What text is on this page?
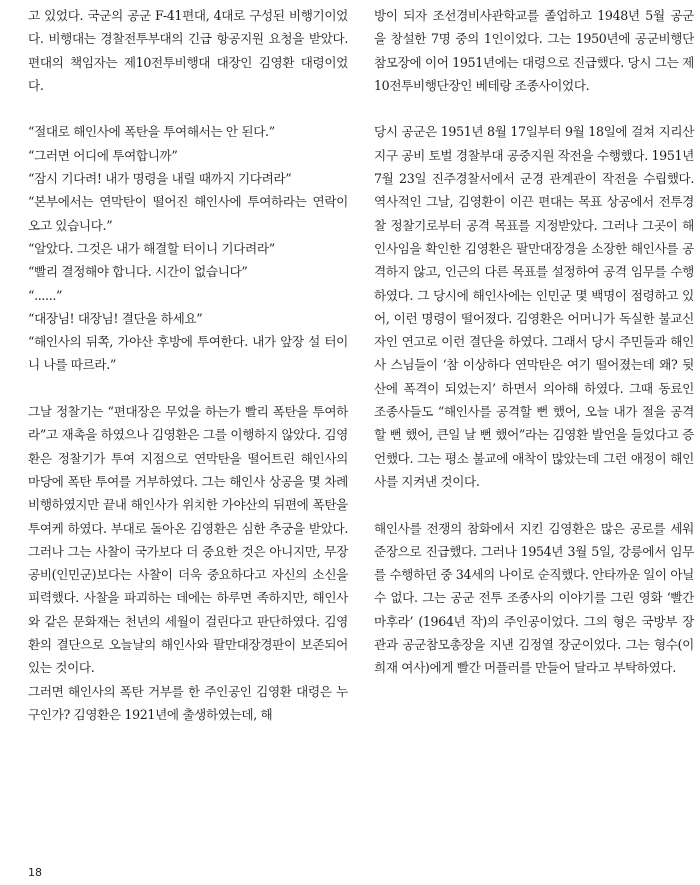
고 있었다. 국군의 공군 F-41편대, 4대로 구성된 비행기이었다. 비행대는 경찰전투부대의 긴급 항공지원 요청을 받았다. 편대의 책임자는 제10전투비행대 대장인 김영환 대령이었다.

“절대로 해인사에 폭탄을 투여해서는 안 된다.”

“그러면 어디에 투여합니까”

“잠시 기다려! 내가 명령을 내릴 때까지 기다려라”

“본부에서는 연막탄이 떨어진 해인사에 투여하라는 연락이 오고 있습니다.”

“알았다. 그것은 내가 해결할 터이니 기다려라”

“빨리 결정해야 합니다. 시간이 없습니다”

“......”

“대장님! 대장님! 결단을 하세요”

“해인사의 뒤쪽, 가야산 후방에 투여한다. 내가 앞장 설 터이니 나를 따르라.”

그날 정찰기는 “편대장은 무었을 하는가 빨리 폭탄을 투여하라”고 재촉을 하였으나 김영환은 그를 이행하지 않았다. 김영환은 정찰기가 투여 지점으로 연막탄을 떨어트린 해인사의 마당에 폭탄 투여를 거부하였다. 그는 해인사 상공을 몇 차례 비행하였지만 끝내 해인사가 위치한 가야산의 뒤편에 폭탄을 투여케 하였다. 부대로 돌아온 김영환은 심한 추궁을 받았다. 그러나 그는 사찰이 국가보다 더 중요한 것은 아니지만, 무장 공비(인민군)보다는 사찰이 더욱 중요하다고 자신의 소신을 피력했다. 사찰을 파괴하는 데에는 하루면 족하지만, 해인사와 같은 문화재는 천년의 세월이 걸린다고 판단하였다. 김영환의 결단으로 오늘날의 해인사와 팔만대장경판이 보존되어 있는 것이다.

그러면 해인사의 폭탄 거부를 한 주인공인 김영환 대령은 누구인가? 김영환은 1921년에 출생하였는데, 해

방이 되자 조선경비사관학교를 졸업하고 1948년 5월 공군을 창설한 7명 중의 1인이었다. 그는 1950년에 공군비행단 참모장에 이어 1951년에는 대령으로 진급했다. 당시 그는 제10전투비행단장인 베테랑 조종사이었다.

당시 공군은 1951년 8월 17일부터 9월 18일에 걸쳐 지리산 지구 공비 토벌 경찰부대 공중지원 작전을 수행했다. 1951년 7월 23일 진주경찰서에서 군경 관계관이 작전을 수립했다. 역사적인 그날, 김영환이 이끈 편대는 목표 상공에서 전투경찰 정찰기로부터 공격 목표를 지정받았다. 그러나 그곳이 해인사임을 확인한 김영환은 팔만대장경을 소장한 해인사를 공격하지 않고, 인근의 다른 목표를 설정하여 공격 임무를 수행하였다. 그 당시에 해인사에는 인민군 몇 백명이 점령하고 있어, 이런 명령이 떨어졌다. 김영환은 어머니가 독실한 불교신자인 연고로 이런 결단을 하였다. 그래서 당시 주민들과 해인사 스님들이 ‘참 이상하다 연막탄은 여기 떨어졌는데 왜? 뒷산에 폭격이 되었는지’ 하면서 의아해 하였다. 그때 동료인 조종사들도 “해인사를 공격할 뻔 했어, 오늘 내가 절을 공격할 뻔 했어, 큰일 날 뻔 했어”라는 김영환 발언을 들었다고 증언했다. 그는 평소 불교에 애착이 많았는데 그런 애정이 해인사를 지켜낸 것이다.

해인사를 전쟁의 참화에서 지킨 김영환은 많은 공로를 세워 준장으로 진급했다. 그러나 1954년 3월 5일, 강릉에서 임무를 수행하던 중 34세의 나이로 순직했다. 안타까운 일이 아닐 수 없다. 그는 공군 전투 조종사의 이야기를 그린 영화 ‘빨간 마후라’ (1964년 작)의 주인공이었다. 그의 형은 국방부 장관과 공군참모총장을 지낸 김정열 장군이었다. 그는 형수(이희재 여사)에게 빨간 머플러를 만들어 달라고 부탁하였다.

18
